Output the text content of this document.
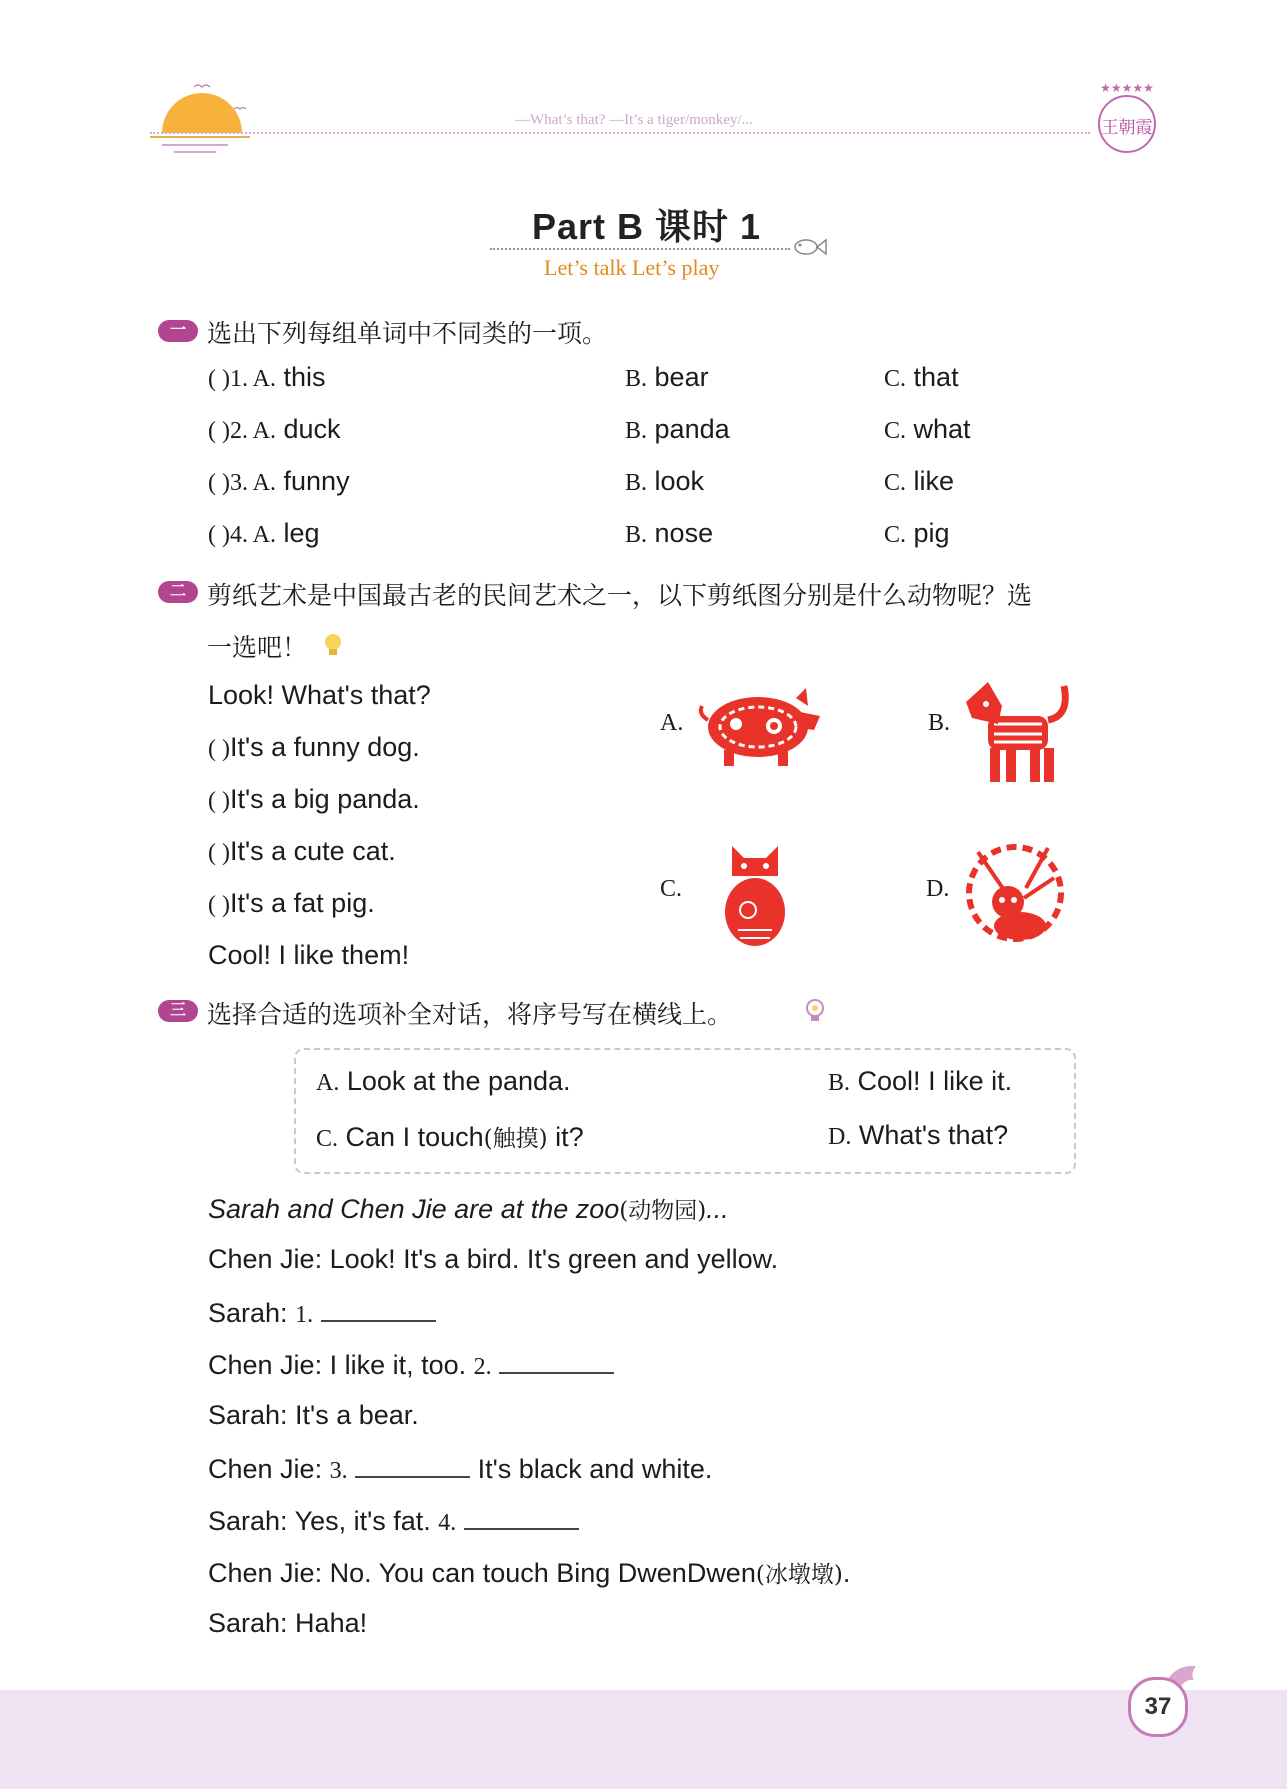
—What’s that? —It’s a tiger/monkey/...
★★★★★
王朝霞
Part B 课时 1
Let’s talk Let’s play
一 选出下列每组单词中不同类的一项。
( )1. A. this	B. bear	C. that
( )2. A. duck	B. panda	C. what
( )3. A. funny	B. look	C. like
( )4. A. leg	B. nose	C. pig
二 剪纸艺术是中国最古老的民间艺术之一，以下剪纸图分别是什么动物呢？选
一选吧！
Look! What's that?
( )It's a funny dog.
( )It's a big panda.
( )It's a cute cat.
( )It's a fat pig.
Cool! I like them!
A.	B.
C.	D.
三 选择合适的选项补全对话，将序号写在横线上。
A. Look at the panda.	B. Cool! I like it.
C. Can I touch(触摸) it?	D. What's that?
Sarah and Chen Jie are at the zoo(动物园)...
Chen Jie: Look! It's a bird. It's green and yellow.
Sarah: 1.
Chen Jie: I like it, too. 2.
Sarah: It's a bear.
Chen Jie: 3.	It's black and white.
Sarah: Yes, it's fat. 4.
Chen Jie: No. You can touch Bing DwenDwen(冰墩墩).
Sarah: Haha!
37
